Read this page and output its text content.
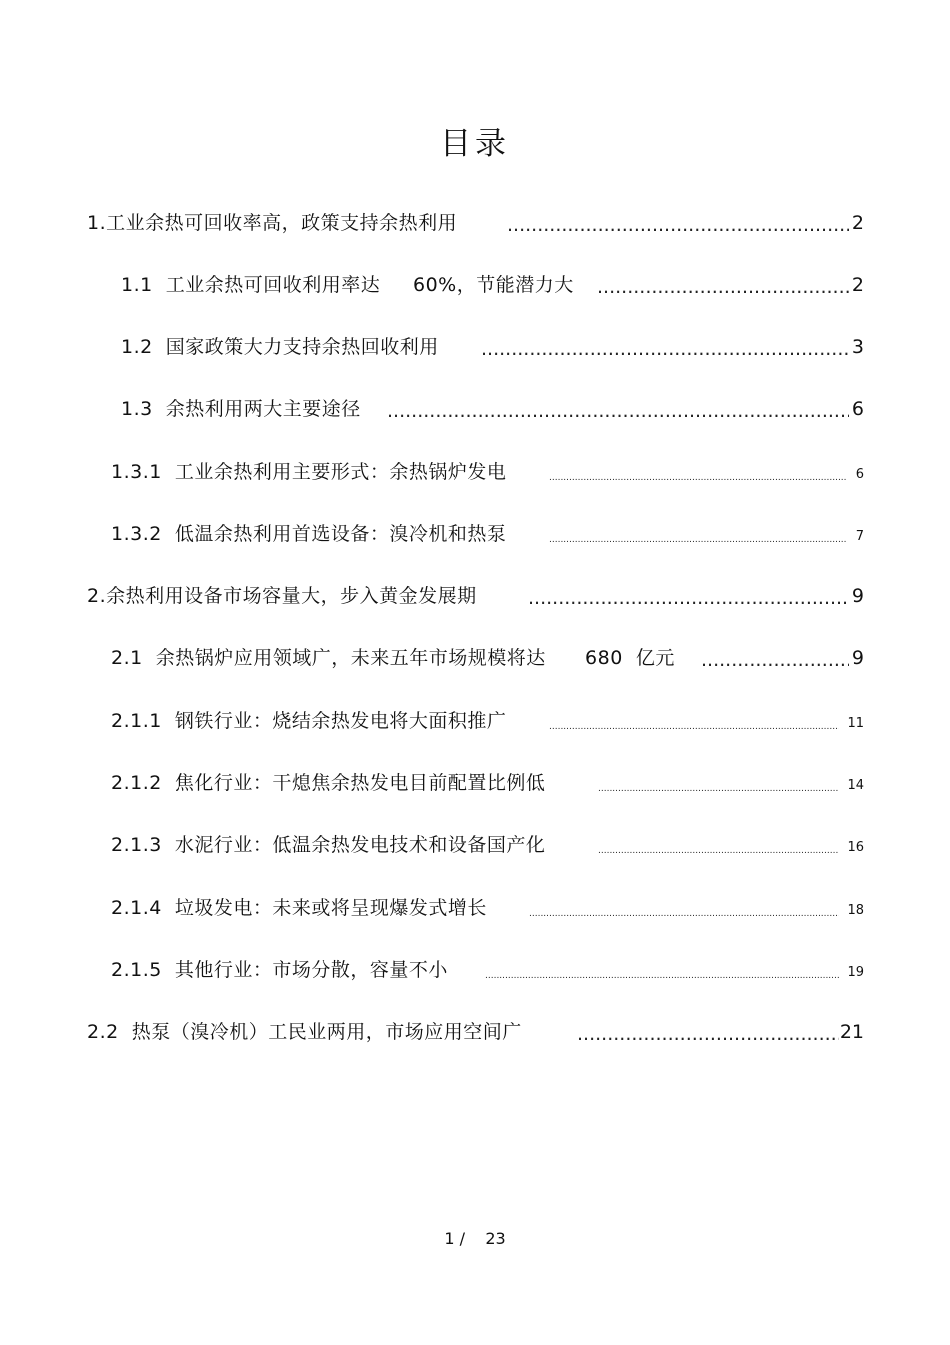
目录
1.工业余热可回收率高，政策支持余热利用 .....	2
1.1  工业余热可回收利用率达     60%，节能潜力大 .....	2
1.2  国家政策大力支持余热回收利用 .....	3
1.3  余热利用两大主要途径 .....	6
1.3.1  工业余热利用主要形式：余热锅炉发电 .....	6
1.3.2  低温余热利用首选设备：溴冷机和热泵 .....	7
2.余热利用设备市场容量大，步入黄金发展期 .....	9
2.1  余热锅炉应用领域广，未来五年市场规模将达      680  亿元 .....	9
2.1.1  钢铁行业：烧结余热发电将大面积推广 .....	11
2.1.2  焦化行业：干熄焦余热发电目前配置比例低 .....	14
2.1.3  水泥行业：低温余热发电技术和设备国产化 .....	16
2.1.4  垃圾发电：未来或将呈现爆发式增长 .....	18
2.1.5  其他行业：市场分散，容量不小 .....	19
2.2  热泵（溴冷机）工民业两用，市场应用空间广 .....	21
1 /    23
